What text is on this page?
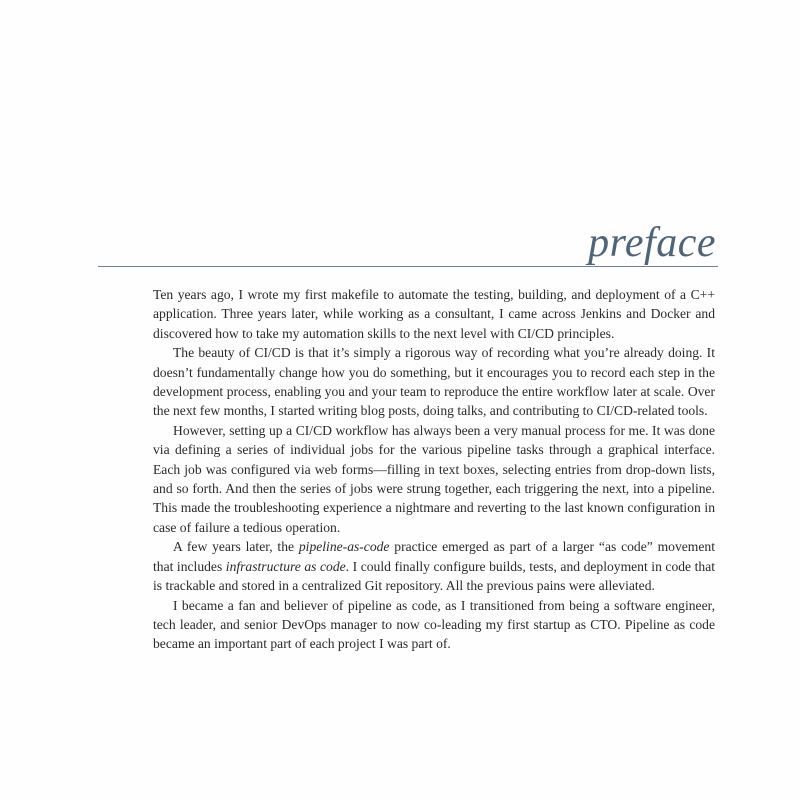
preface

Ten years ago, I wrote my first makefile to automate the testing, building, and deployment of a C++ application. Three years later, while working as a consultant, I came across Jenkins and Docker and discovered how to take my automation skills to the next level with CI/CD principles.

The beauty of CI/CD is that it’s simply a rigorous way of recording what you’re already doing. It doesn’t fundamentally change how you do something, but it encourages you to record each step in the development process, enabling you and your team to reproduce the entire workflow later at scale. Over the next few months, I started writing blog posts, doing talks, and contributing to CI/CD-related tools.

However, setting up a CI/CD workflow has always been a very manual process for me. It was done via defining a series of individual jobs for the various pipeline tasks through a graphical interface. Each job was configured via web forms—filling in text boxes, selecting entries from drop-down lists, and so forth. And then the series of jobs were strung together, each triggering the next, into a pipeline. This made the troubleshooting experience a nightmare and reverting to the last known configuration in case of failure a tedious operation.

A few years later, the pipeline-as-code practice emerged as part of a larger “as code” movement that includes infrastructure as code. I could finally configure builds, tests, and deployment in code that is trackable and stored in a centralized Git repository. All the previous pains were alleviated.

I became a fan and believer of pipeline as code, as I transitioned from being a software engineer, tech leader, and senior DevOps manager to now co-leading my first startup as CTO. Pipeline as code became an important part of each project I was part of.
